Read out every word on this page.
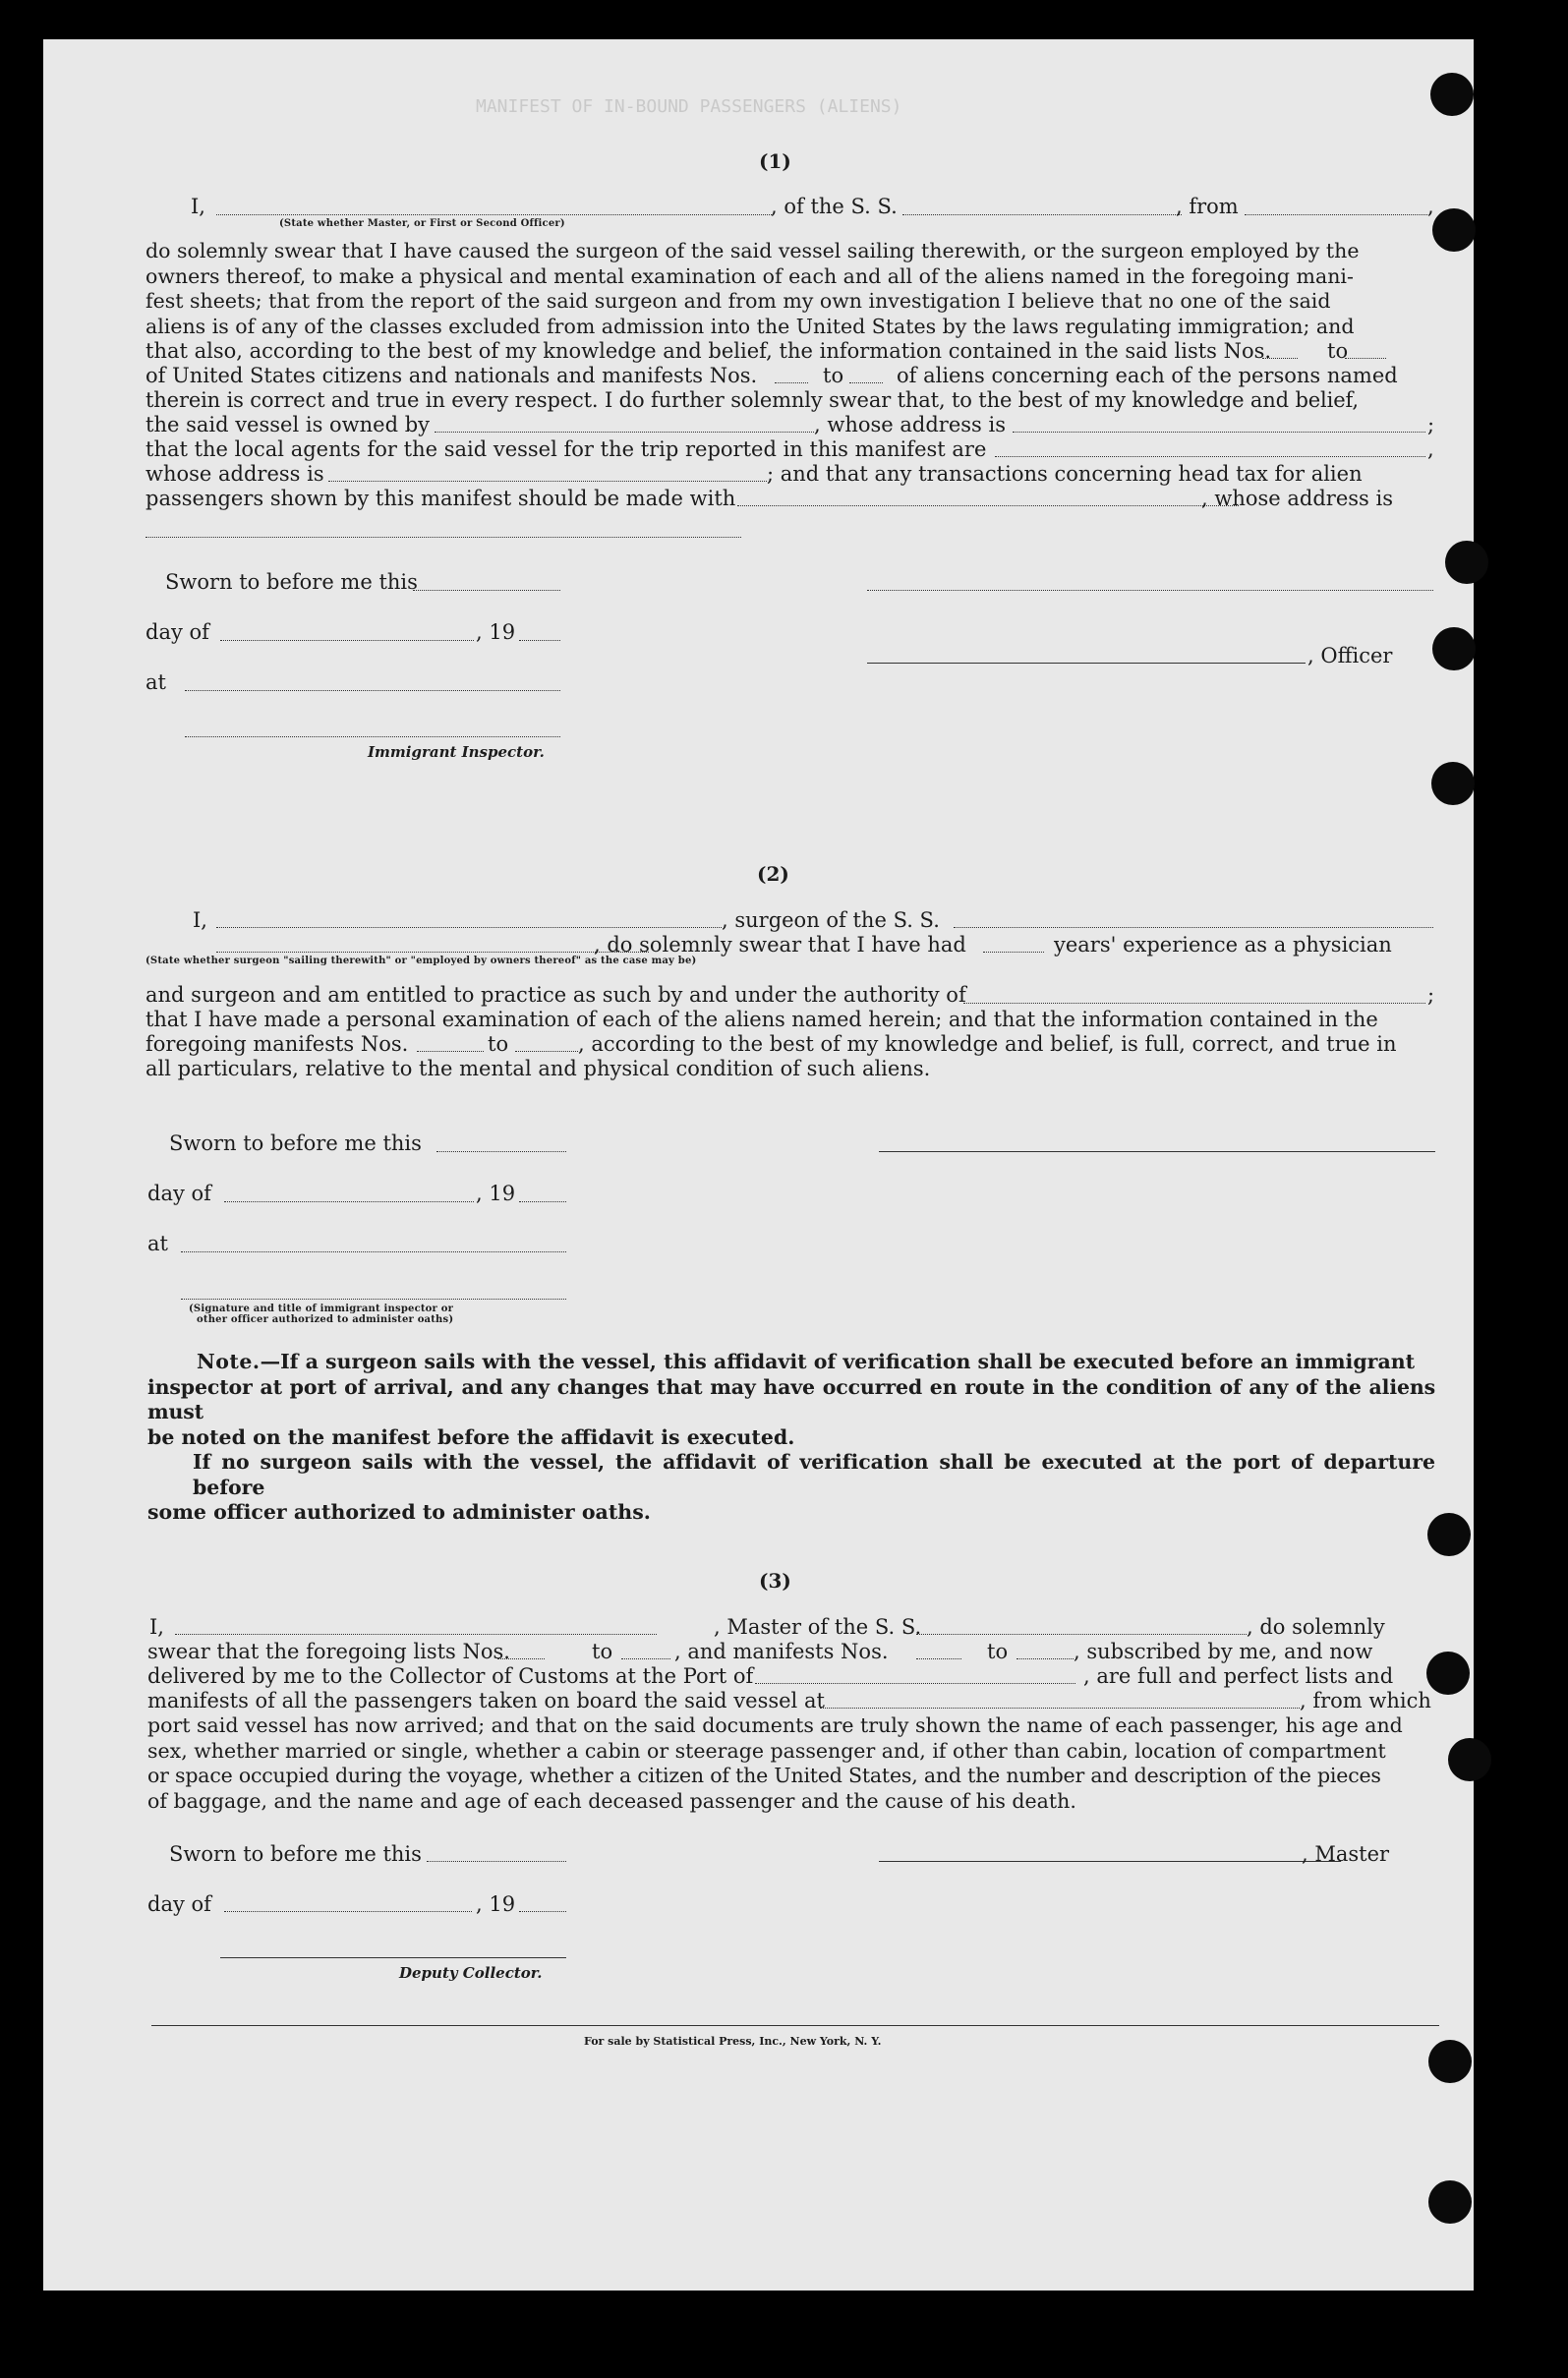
MANIFEST OF IN-BOUND PASSENGERS (ALIENS)
(1)
I,
(State whether Master, or First or Second Officer)
, of the S. S.	, from	,
do solemnly swear that I have caused the surgeon of the said vessel sailing therewith, or the surgeon employed by the
owners thereof, to make a physical and mental examination of each and all of the aliens named in the foregoing mani-
fest sheets; that from the report of the said surgeon and from my own investigation I believe that no one of the said
aliens is of any of the classes excluded from admission into the United States by the laws regulating immigration; and
that also, according to the best of my knowledge and belief, the information contained in the said lists Nos.	to
of United States citizens and nationals and manifests Nos.	to	of aliens concerning each of the persons named
therein is correct and true in every respect. I do further solemnly swear that, to the best of my knowledge and belief,
the said vessel is owned by	, whose address is	;
that the local agents for the said vessel for the trip reported in this manifest are	,
whose address is	; and that any transactions concerning head tax for alien
passengers shown by this manifest should be made with	, whose address is
Sworn to before me this
day of	, 19
, Officer
at
Immigrant Inspector.
(2)
I,	, surgeon of the S. S.
, do solemnly swear that I have had	years' experience as a physician
(State whether surgeon "sailing therewith" or "employed by owners thereof" as the case may be)
and surgeon and am entitled to practice as such by and under the authority of	;
that I have made a personal examination of each of the aliens named herein; and that the information contained in the
foregoing manifests Nos.	to	, according to the best of my knowledge and belief, is full, correct, and true in
all particulars, relative to the mental and physical condition of such aliens.
Sworn to before me this
day of	, 19
at
(Signature and title of immigrant inspector or
other officer authorized to administer oaths)
Note.—If a surgeon sails with the vessel, this affidavit of verification shall be executed before an immigrant
inspector at port of arrival, and any changes that may have occurred en route in the condition of any of the aliens must
be noted on the manifest before the affidavit is executed.
If no surgeon sails with the vessel, the affidavit of verification shall be executed at the port of departure before
some officer authorized to administer oaths.
(3)
I,	, Master of the S. S.	, do solemnly
swear that the foregoing lists Nos.	to	, and manifests Nos.	to	, subscribed by me, and now
delivered by me to the Collector of Customs at the Port of	, are full and perfect lists and
manifests of all the passengers taken on board the said vessel at	, from which
port said vessel has now arrived; and that on the said documents are truly shown the name of each passenger, his age and
sex, whether married or single, whether a cabin or steerage passenger and, if other than cabin, location of compartment
or space occupied during the voyage, whether a citizen of the United States, and the number and description of the pieces
of baggage, and the name and age of each deceased passenger and the cause of his death.
Sworn to before me this	, Master
day of	, 19
Deputy Collector.
For sale by Statistical Press, Inc., New York, N. Y.
